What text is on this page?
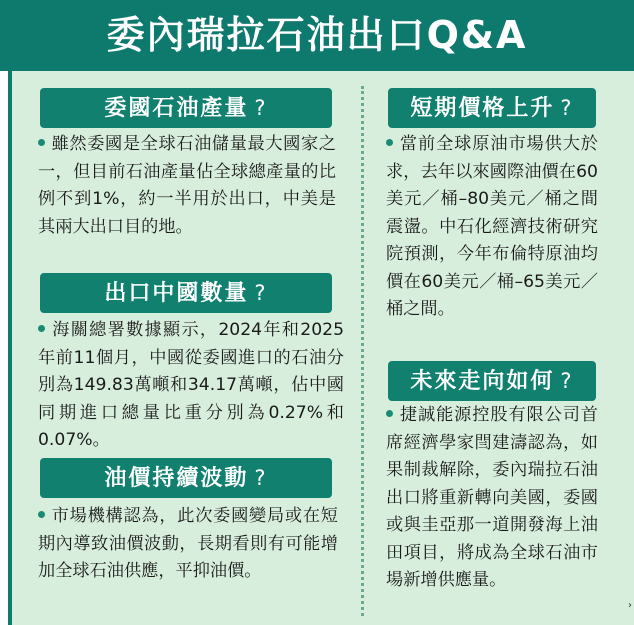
委內瑞拉石油出口Q&A
委國石油產量 ?
雖然委國是全球石油儲量最大國家之一，但目前石油產量佔全球總產量的比例不到1%，約一半用於出口，中美是其兩大出口目的地。
出口中國數量 ?
海關總署數據顯示，2024年和2025年前11個月，中國從委國進口的石油分別為149.83萬噸和34.17萬噸，佔中國同期進口總量比重分別為0.27%和0.07%。
油價持續波動 ?
市場機構認為，此次委國變局或在短期內導致油價波動，長期看則有可能增加全球石油供應，平抑油價。
短期價格上升 ?
當前全球原油市場供大於求，去年以來國際油價在60美元／桶–80美元／桶之間震盪。中石化經濟技術研究院預測，今年布倫特原油均價在60美元／桶–65美元／桶之間。
未來走向如何 ?
捷誠能源控股有限公司首席經濟學家閆建濤認為，如果制裁解除，委內瑞拉石油出口將重新轉向美國，委國或與圭亞那一道開發海上油田項目，將成為全球石油市場新增供應量。
›
